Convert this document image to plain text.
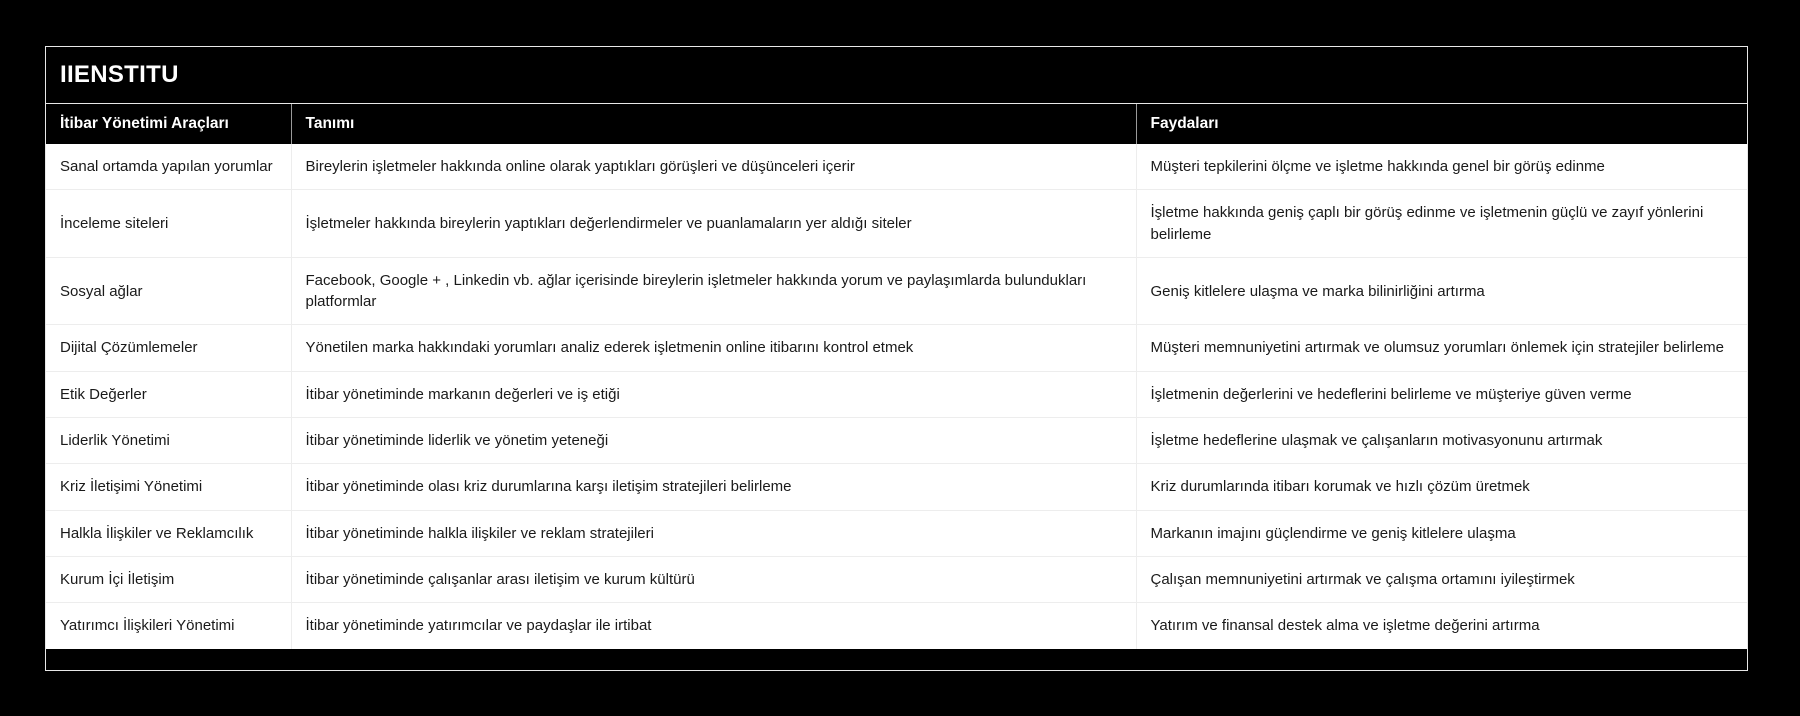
IIENSTITU
İtibar Yönetimi Araçları	Tanımı	Faydaları
Sanal ortamda yapılan yorumlar	Bireylerin işletmeler hakkında online olarak yaptıkları görüşleri ve düşünceleri içerir	Müşteri tepkilerini ölçme ve işletme hakkında genel bir görüş edinme
İnceleme siteleri	İşletmeler hakkında bireylerin yaptıkları değerlendirmeler ve puanlamaların yer aldığı siteler	İşletme hakkında geniş çaplı bir görüş edinme ve işletmenin güçlü ve zayıf yönlerini belirleme
Sosyal ağlar	Facebook, Google + , Linkedin vb. ağlar içerisinde bireylerin işletmeler hakkında yorum ve paylaşımlarda bulundukları platformlar	Geniş kitlelere ulaşma ve marka bilinirliğini artırma
Dijital Çözümlemeler	Yönetilen marka hakkındaki yorumları analiz ederek işletmenin online itibarını kontrol etmek	Müşteri memnuniyetini artırmak ve olumsuz yorumları önlemek için stratejiler belirleme
Etik Değerler	İtibar yönetiminde markanın değerleri ve iş etiği	İşletmenin değerlerini ve hedeflerini belirleme ve müşteriye güven verme
Liderlik Yönetimi	İtibar yönetiminde liderlik ve yönetim yeteneği	İşletme hedeflerine ulaşmak ve çalışanların motivasyonunu artırmak
Kriz İletişimi Yönetimi	İtibar yönetiminde olası kriz durumlarına karşı iletişim stratejileri belirleme	Kriz durumlarında itibarı korumak ve hızlı çözüm üretmek
Halkla İlişkiler ve Reklamcılık	İtibar yönetiminde halkla ilişkiler ve reklam stratejileri	Markanın imajını güçlendirme ve geniş kitlelere ulaşma
Kurum İçi İletişim	İtibar yönetiminde çalışanlar arası iletişim ve kurum kültürü	Çalışan memnuniyetini artırmak ve çalışma ortamını iyileştirmek
Yatırımcı İlişkileri Yönetimi	İtibar yönetiminde yatırımcılar ve paydaşlar ile irtibat	Yatırım ve finansal destek alma ve işletme değerini artırma
